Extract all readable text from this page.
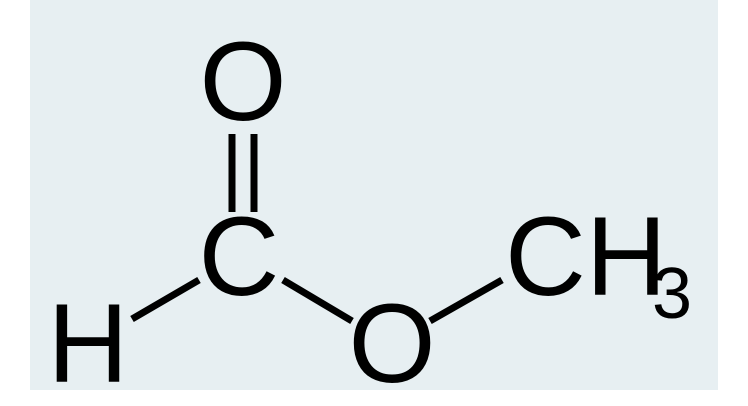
O
C
H O
CH
3
